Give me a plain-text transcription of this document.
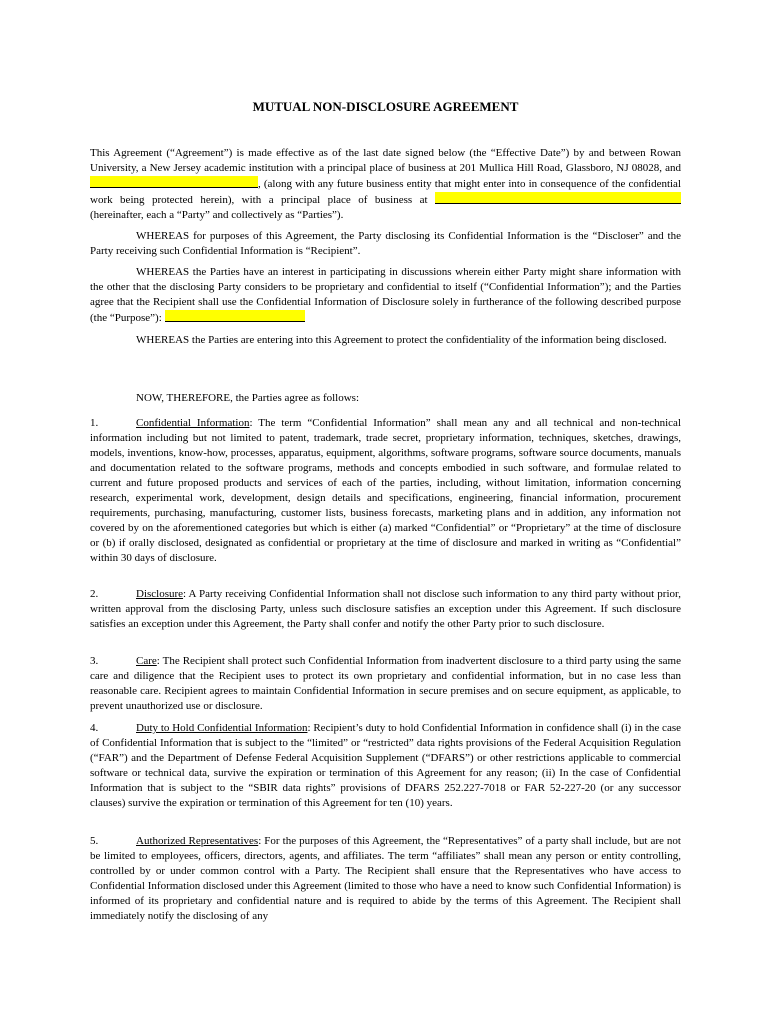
MUTUAL NON-DISCLOSURE AGREEMENT

This Agreement (“Agreement”) is made effective as of the last date signed below (the “Effective Date”) by and between Rowan University, a New Jersey academic institution with a principal place of business at 201 Mullica Hill Road, Glassboro, NJ 08028, and , (along with any future business entity that might enter into in consequence of the confidential work being protected herein), with a principal place of business at  (hereinafter, each a “Party” and collectively as “Parties”).

WHEREAS for purposes of this Agreement, the Party disclosing its Confidential Information is the “Discloser” and the Party receiving such Confidential Information is “Recipient”.

WHEREAS the Parties have an interest in participating in discussions wherein either Party might share information with the other that the disclosing Party considers to be proprietary and confidential to itself (“Confidential Information”); and the Parties agree that the Recipient shall use the Confidential Information of Disclosure solely in furtherance of the following described purpose (the “Purpose”):

WHEREAS the Parties are entering into this Agreement to protect the confidentiality of the information being disclosed.

NOW, THEREFORE, the Parties agree as follows:

1.	Confidential Information: The term “Confidential Information” shall mean any and all technical and non-technical information including but not limited to patent, trademark, trade secret, proprietary information, techniques, sketches, drawings, models, inventions, know-how, processes, apparatus, equipment, algorithms, software programs, software source documents, manuals and documentation related to the software programs, methods and concepts embodied in such software, and formulae related to current and future proposed products and services of each of the parties, including, without limitation, information concerning research, experimental work, development, design details and specifications, engineering, financial information, procurement requirements, purchasing, manufacturing, customer lists, business forecasts, marketing plans and in addition, any information not covered by on the aforementioned categories but which is either (a) marked “Confidential” or “Proprietary” at the time of disclosure or (b) if orally disclosed, designated as confidential or proprietary at the time of disclosure and marked in writing as “Confidential” within 30 days of disclosure.

2.	Disclosure: A Party receiving Confidential Information shall not disclose such information to any third party without prior, written approval from the disclosing Party, unless such disclosure satisfies an exception under this Agreement. If such disclosure satisfies an exception under this Agreement, the Party shall confer and notify the other Party prior to such disclosure.

3.	Care: The Recipient shall protect such Confidential Information from inadvertent disclosure to a third party using the same care and diligence that the Recipient uses to protect its own proprietary and confidential information, but in no case less than reasonable care. Recipient agrees to maintain Confidential Information in secure premises and on secure equipment, as applicable, to prevent unauthorized use or disclosure.

4.	Duty to Hold Confidential Information: Recipient’s duty to hold Confidential Information in confidence shall (i) in the case of Confidential Information that is subject to the “limited” or “restricted” data rights provisions of the Federal Acquisition Regulation (“FAR”) and the Department of Defense Federal Acquisition Supplement (“DFARS”) or other restrictions applicable to commercial software or technical data, survive the expiration or termination of this Agreement for any reason; (ii) In the case of Confidential Information that is subject to the “SBIR data rights” provisions of DFARS 252.227-7018 or FAR 52-227-20 (or any successor clauses) survive the expiration or termination of this Agreement for ten (10) years.

5.	Authorized Representatives: For the purposes of this Agreement, the “Representatives” of a party shall include, but are not be limited to employees, officers, directors, agents, and affiliates. The term “affiliates” shall mean any person or entity controlling, controlled by or under common control with a Party. The Recipient shall ensure that the Representatives who have access to Confidential Information disclosed under this Agreement (limited to those who have a need to know such Confidential Information) is informed of its proprietary and confidential nature and is required to abide by the terms of this Agreement. The Recipient shall immediately notify the disclosing of any
